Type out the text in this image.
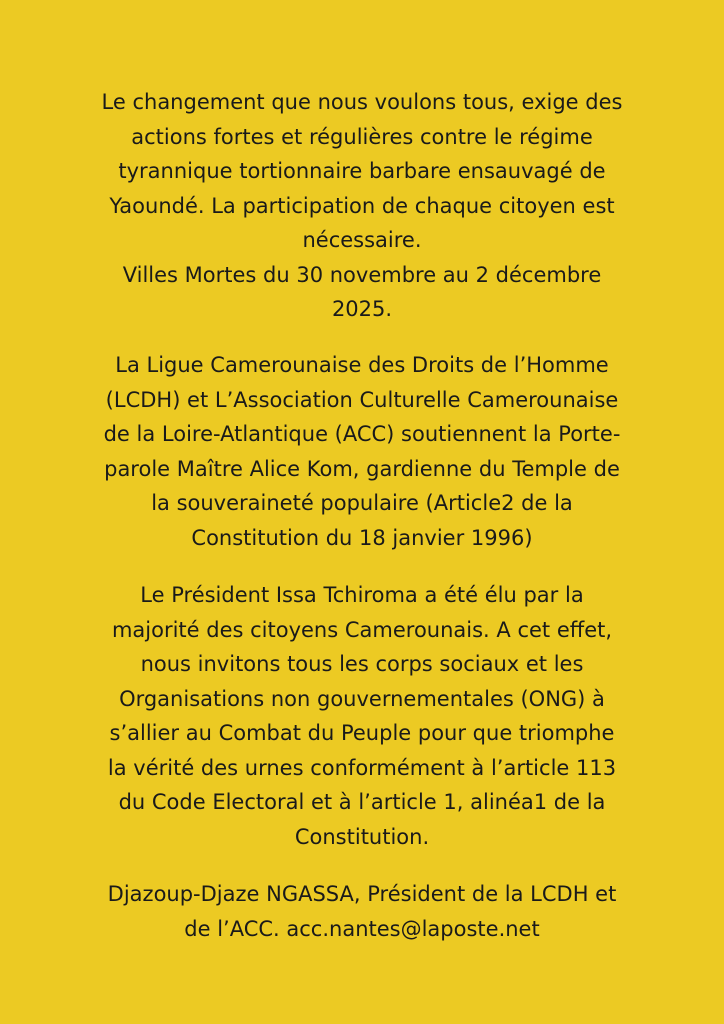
Le changement que nous voulons tous, exige des
actions fortes et régulières contre le régime
tyrannique tortionnaire barbare ensauvagé de
Yaoundé. La participation de chaque citoyen est
nécessaire.
Villes Mortes du 30 novembre au 2 décembre
2025.

La Ligue Camerounaise des Droits de l’Homme
(LCDH) et L’Association Culturelle Camerounaise
de la Loire-Atlantique (ACC) soutiennent la Porte-
parole Maître Alice Kom, gardienne du Temple de
la souveraineté populaire (Article2 de la
Constitution du 18 janvier 1996)

Le Président Issa Tchiroma a été élu par la
majorité des citoyens Camerounais. A cet effet,
nous invitons tous les corps sociaux et les
Organisations non gouvernementales (ONG) à
s’allier au Combat du Peuple pour que triomphe
la vérité des urnes conformément à l’article 113
du Code Electoral et à l’article 1, alinéa1 de la
Constitution.

Djazoup-Djaze NGASSA, Président de la LCDH et
de l’ACC. acc.nantes@laposte.net
